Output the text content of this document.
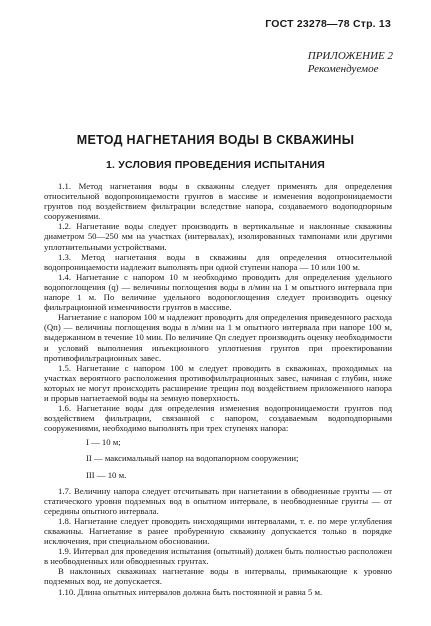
ГОСТ 23278—78 Стр. 13
ПРИЛОЖЕНИЕ 2
Рекомендуемое
МЕТОД НАГНЕТАНИЯ ВОДЫ В СКВАЖИНЫ
1. УСЛОВИЯ ПРОВЕДЕНИЯ ИСПЫТАНИЯ

1.1. Метод нагнетания воды в скважины следует применять для определения относительной водопроницаемости грунтов в массиве и изменения водопроницаемости грунтов под воздействием фильтрации вследствие напора, создаваемого водоподпорным сооружениями.

1.2. Нагнетание воды следует производить в вертикальные и наклонные скважины диаметром 50—250 мм на участках (интервалах), изолированных тампонами или другими уплотнительными устройствами.

1.3. Метод нагнетания воды в скважины для определения относительной водопроницаемости надлежит выполнять при одной ступени напора — 10 или 100 м.

1.4. Нагнетание с напором 10 м необходимо проводить для определения удельного водопоглощения (q) — величины поглощения воды в л/мин на 1 м опытного интервала при напоре 1 м. По величине удельного водопоглощения следует производить оценку фильтрационной изменчивости грунтов в массиве.

Нагнетание с напором 100 м надлежит проводить для определения приведенного расхода (Qп) — величины поглощения воды в л/мин на 1 м опытного интервала при напоре 100 м, выдержанном в течение 10 мин. По величине Qп следует производить оценку необходимости и условий выполнения инъекционного уплотнения грунтов при проектировании противофильтрационных завес.

1.5. Нагнетание с напором 100 м следует проводить в скважинах, проходимых на участках вероятного расположения противофильтрационных завес, начиная с глубин, ниже которых не могут происходить расширение трещин под воздействием приложенного напора и прорыв нагнетаемой воды на земную поверхность.

1.6. Нагнетание воды для определения изменения водопроницаемости грунтов под воздействием фильтрации, связанной с напором, создаваемым водоподпорными сооружениями, необходимо выполнять при трех ступенях напора:

I — 10 м;

II — максимальный напор на водопапорном сооружении;

III — 10 м.

1.7. Величину напора следует отсчитывать при нагнетании в обводненные грунты — от статического уровня подземных вод в опытном интервале, в необводненные грунты — от середины опытного интервала.

1.8. Нагнетание следует проводить нисходящими интервалами, т. е. по мере углубления скважины. Нагнетание в ранее пробуренную скважину допускается только в порядке исключения, при специальном обосновании.

1.9. Интервал для проведения испытания (опытный) должен быть полностью расположен в необводненных или обводненных грунтах.

В наклонных скважинах нагнетание воды в интервалы, примыкающие к уровню подземных вод, не допускается.

1.10. Длина опытных интервалов должна быть постоянной и равна 5 м.
